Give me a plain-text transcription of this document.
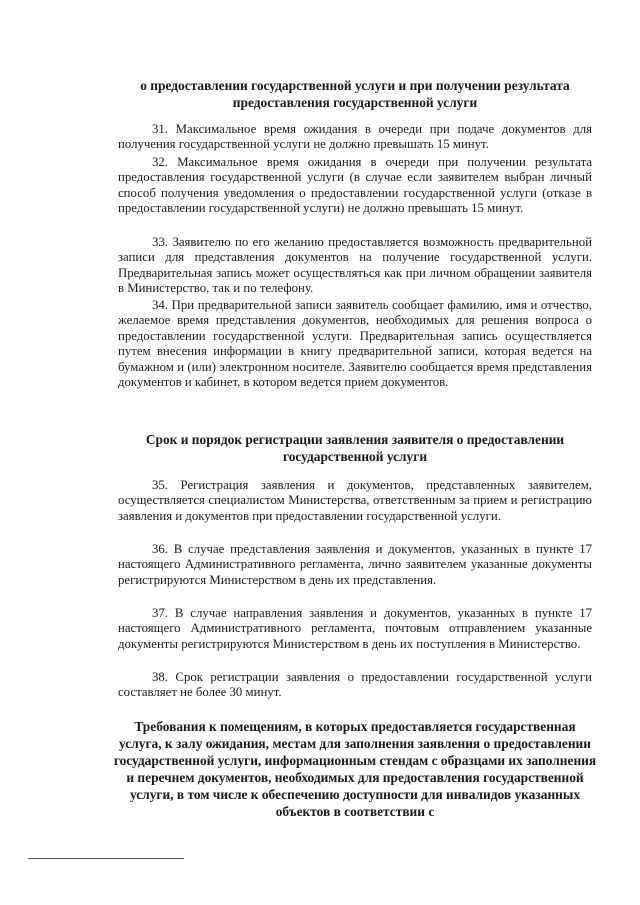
о предоставлении государственной услуги и при получении результата предоставления государственной услуги
31. Максимальное время ожидания в очереди при подаче документов для получения государственной услуги не должно превышать 15 минут.
32. Максимальное время ожидания в очереди при получении результата предоставления государственной услуги (в случае если заявителем выбран личный способ получения уведомления о предоставлении государственной услуги (отказе в предоставлении государственной услуги) не должно превышать 15 минут.
33. Заявителю по его желанию предоставляется возможность предварительной записи для представления документов на получение государственной услуги. Предварительная запись может осуществляться как при личном обращении заявителя в Министерство, так и по телефону.
34. При предварительной записи заявитель сообщает фамилию, имя и отчество, желаемое время представления документов, необходимых для решения вопроса о предоставлении государственной услуги. Предварительная запись осуществляется путем внесения информации в книгу предварительной записи, которая ведется на бумажном и (или) электронном носителе. Заявителю сообщается время представления документов и кабинет, в котором ведется прием документов.
Срок и порядок регистрации заявления заявителя о предоставлении государственной услуги
35. Регистрация заявления и документов, представленных заявителем, осуществляется специалистом Министерства, ответственным за прием и регистрацию заявления и документов при предоставлении государственной услуги.
36. В случае представления заявления и документов, указанных в пункте 17 настоящего Административного регламента, лично заявителем указанные документы регистрируются Министерством в день их представления.
37. В случае направления заявления и документов, указанных в пункте 17 настоящего Административного регламента, почтовым отправлением указанные документы регистрируются Министерством в день их поступления в Министерство.
38. Срок регистрации заявления о предоставлении государственной услуги составляет не более 30 минут.
Требования к помещениям, в которых предоставляется государственная услуга, к залу ожидания, местам для заполнения заявления о предоставлении государственной услуги, информационным стендам с образцами их заполнения и перечнем документов, необходимых для предоставления государственной услуги, в том числе к обеспечению доступности для инвалидов указанных объектов в соответствии с
